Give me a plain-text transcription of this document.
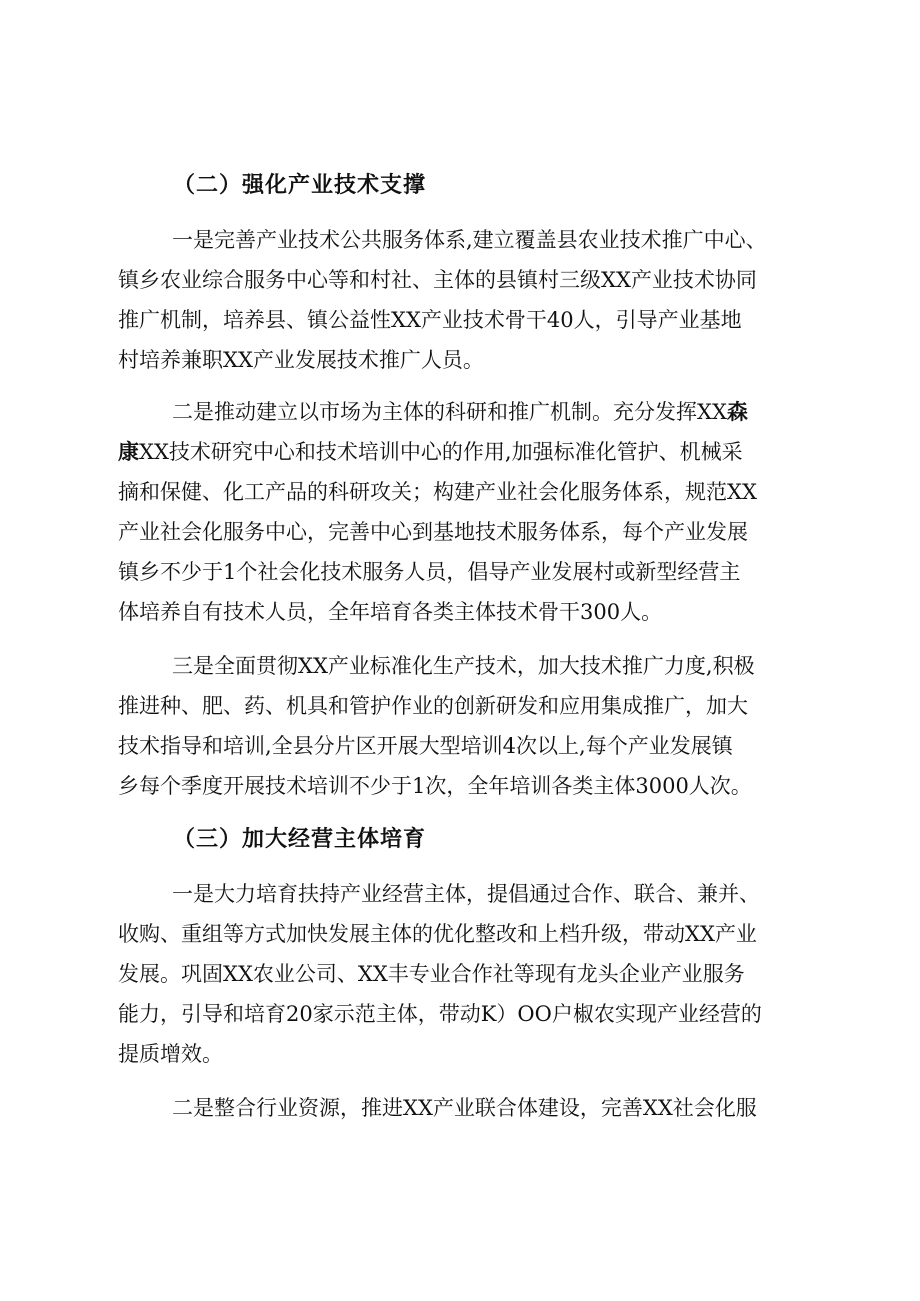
（二）强化产业技术支撑
一是完善产业技术公共服务体系,建立覆盖县农业技术推广中心、
镇乡农业综合服务中心等和村社、主体的县镇村三级XX产业技术协同
推广机制，培养县、镇公益性XX产业技术骨干40人，引导产业基地
村培养兼职XX产业发展技术推广人员。
二是推动建立以市场为主体的科研和推广机制。充分发挥XX森
康XX技术研究中心和技术培训中心的作用,加强标准化管护、机械采
摘和保健、化工产品的科研攻关；构建产业社会化服务体系，规范XX
产业社会化服务中心，完善中心到基地技术服务体系，每个产业发展
镇乡不少于1个社会化技术服务人员，倡导产业发展村或新型经营主
体培养自有技术人员，全年培育各类主体技术骨干300人。
三是全面贯彻XX产业标准化生产技术，加大技术推广力度,积极
推进种、肥、药、机具和管护作业的创新研发和应用集成推广，加大
技术指导和培训,全县分片区开展大型培训4次以上,每个产业发展镇
乡每个季度开展技术培训不少于1次，全年培训各类主体3000人次。
（三）加大经营主体培育
一是大力培育扶持产业经营主体，提倡通过合作、联合、兼并、
收购、重组等方式加快发展主体的优化整改和上档升级，带动XX产业
发展。巩固XX农业公司、XX丰专业合作社等现有龙头企业产业服务
能力，引导和培育20家示范主体，带动K）OO户椒农实现产业经营的
提质增效。
二是整合行业资源，推进XX产业联合体建设，完善XX社会化服
